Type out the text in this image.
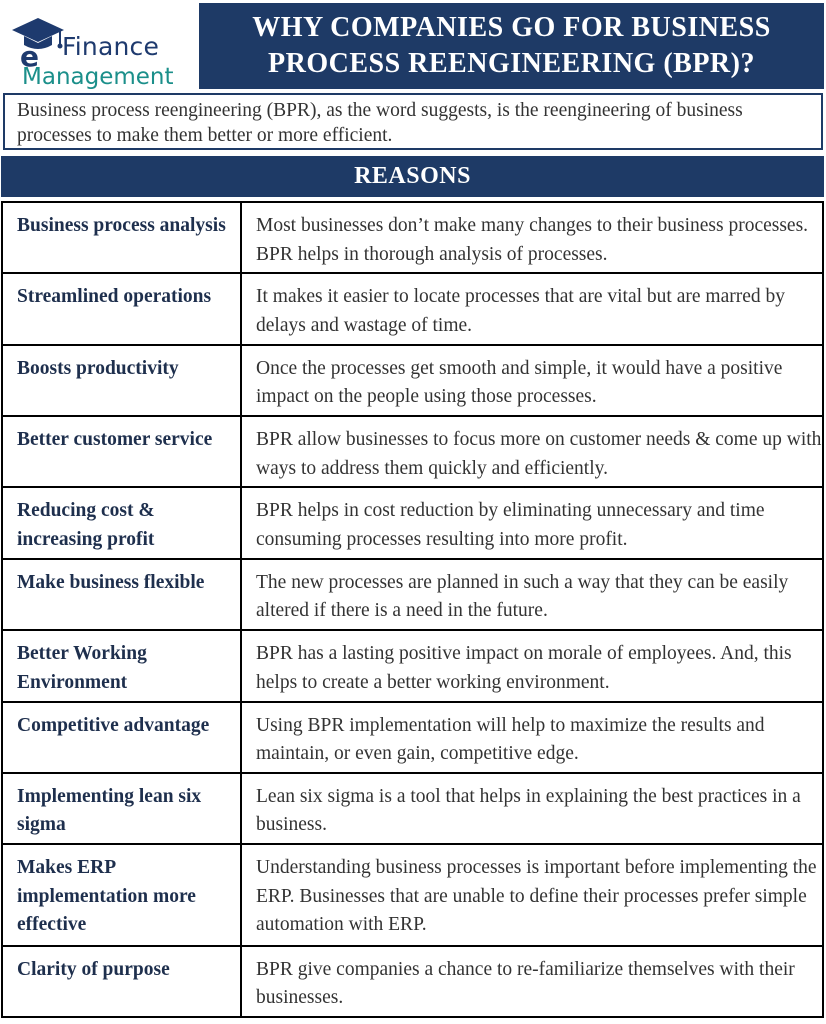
e Finance
Management
WHY COMPANIES GO FOR BUSINESS
PROCESS REENGINEERING (BPR)?
Business process reengineering (BPR), as the word suggests, is the reengineering of business processes to make them better or more efficient.
REASONS
Business process analysis	Most businesses don’t make many changes to their business processes. BPR helps in thorough analysis of processes.
Streamlined operations	It makes it easier to locate processes that are vital but are marred by delays and wastage of time.
Boosts productivity	Once the processes get smooth and simple, it would have a positive impact on the people using those processes.
Better customer service	BPR allow businesses to focus more on customer needs & come up with ways to address them quickly and efficiently.
Reducing cost & increasing profit	BPR helps in cost reduction by eliminating unnecessary and time consuming processes resulting into more profit.
Make business flexible	The new processes are planned in such a way that they can be easily altered if there is a need in the future.
Better Working Environment	BPR has a lasting positive impact on morale of employees. And, this helps to create a better working environment.
Competitive advantage	Using BPR implementation will help to maximize the results and maintain, or even gain, competitive edge.
Implementing lean six sigma	Lean six sigma is a tool that helps in explaining the best practices in a business.
Makes ERP implementation more effective	Understanding business processes is important before implementing the ERP. Businesses that are unable to define their processes prefer simple automation with ERP.
Clarity of purpose	BPR give companies a chance to re-familiarize themselves with their businesses.
